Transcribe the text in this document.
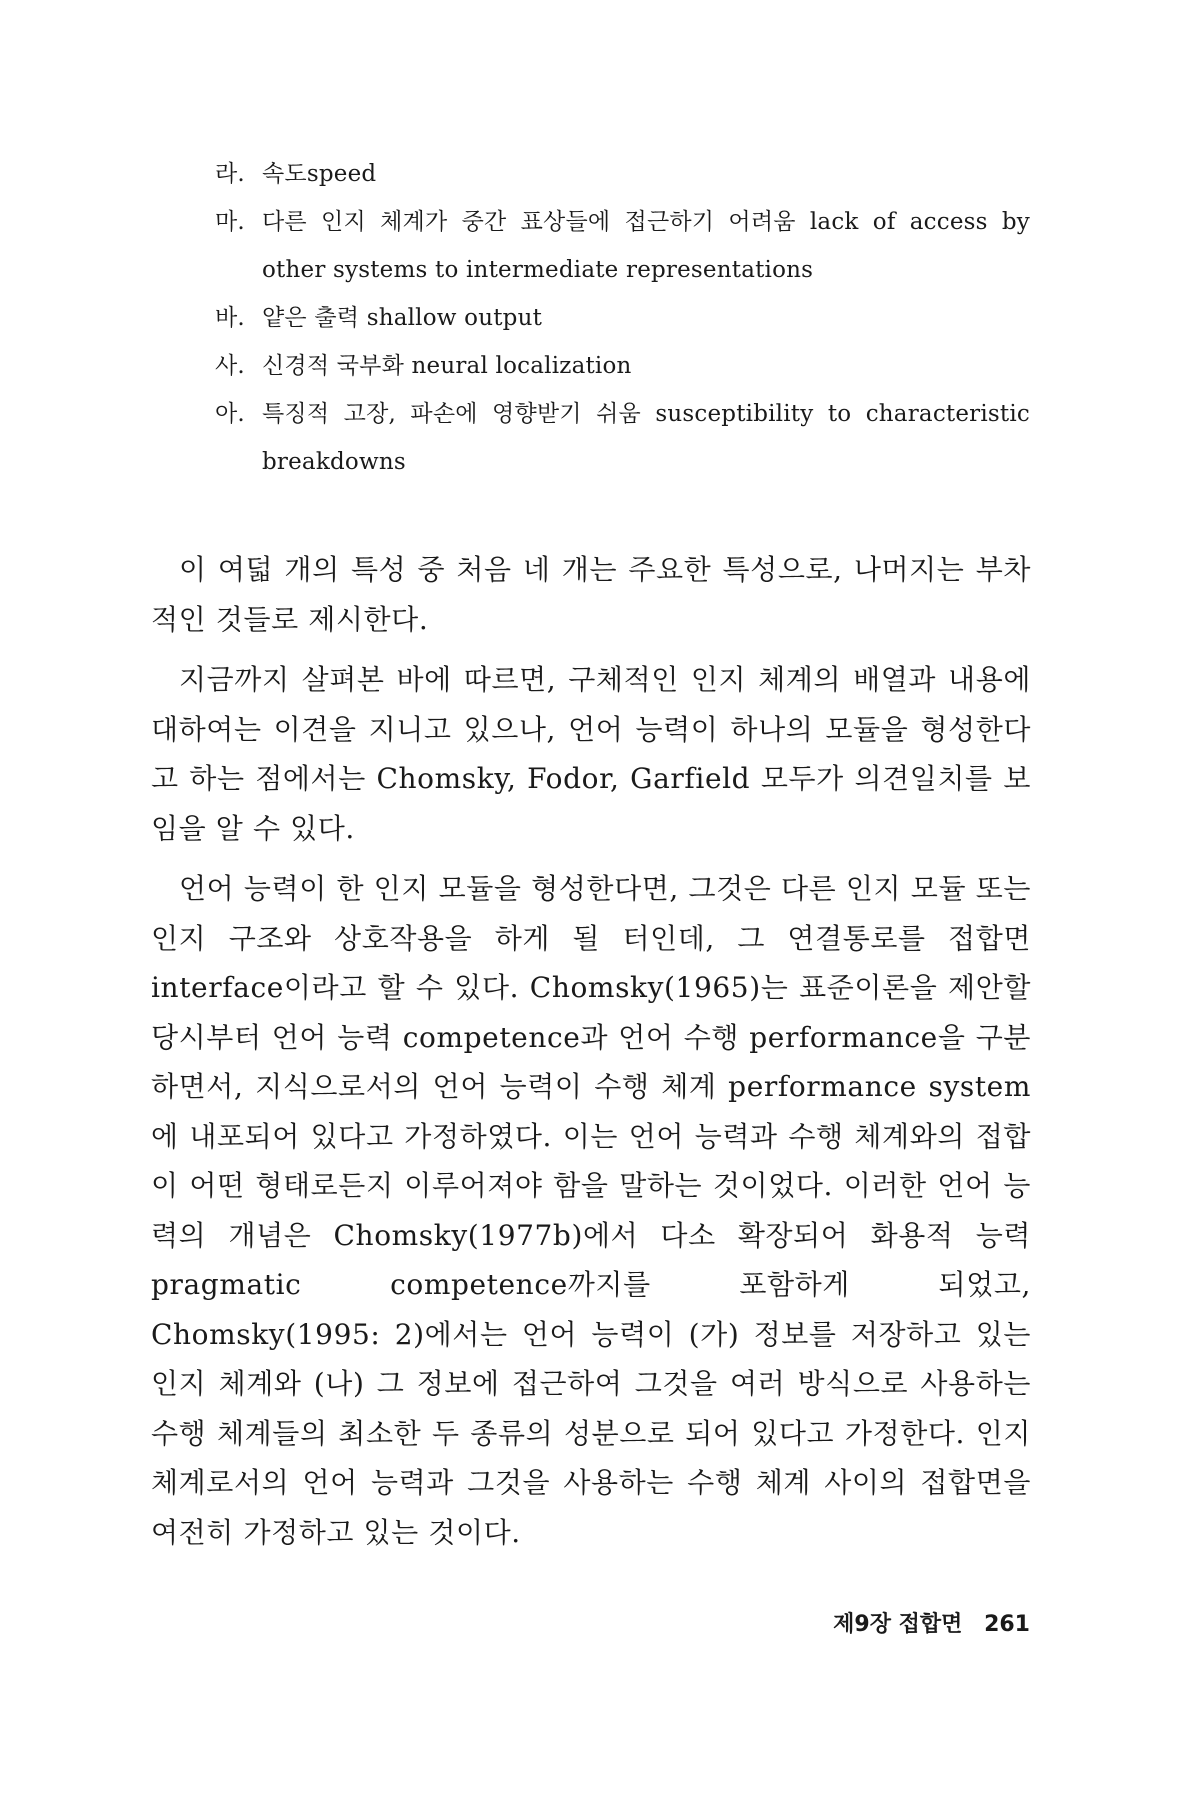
라. 속도speed
마. 다른 인지 체계가 중간 표상들에 접근하기 어려움 lack of access by other systems to intermediate representations
바. 얕은 출력 shallow output
사. 신경적 국부화 neural localization
아. 특징적 고장, 파손에 영향받기 쉬움 susceptibility to characteristic breakdowns

이 여덟 개의 특성 중 처음 네 개는 주요한 특성으로, 나머지는 부차적인 것들로 제시한다.

지금까지 살펴본 바에 따르면, 구체적인 인지 체계의 배열과 내용에 대하여는 이견을 지니고 있으나, 언어 능력이 하나의 모듈을 형성한다고 하는 점에서는 Chomsky, Fodor, Garfield 모두가 의견일치를 보임을 알 수 있다.

언어 능력이 한 인지 모듈을 형성한다면, 그것은 다른 인지 모듈 또는 인지 구조와 상호작용을 하게 될 터인데, 그 연결통로를 접합면 interface이라고 할 수 있다. Chomsky(1965)는 표준이론을 제안할 당시부터 언어 능력 competence과 언어 수행 performance을 구분하면서, 지식으로서의 언어 능력이 수행 체계 performance system에 내포되어 있다고 가정하였다. 이는 언어 능력과 수행 체계와의 접합이 어떤 형태로든지 이루어져야 함을 말하는 것이었다. 이러한 언어 능력의 개념은 Chomsky(1977b)에서 다소 확장되어 화용적 능력 pragmatic competence까지를 포함하게 되었고, Chomsky(1995: 2)에서는 언어 능력이 (가) 정보를 저장하고 있는 인지 체계와 (나) 그 정보에 접근하여 그것을 여러 방식으로 사용하는 수행 체계들의 최소한 두 종류의 성분으로 되어 있다고 가정한다. 인지 체계로서의 언어 능력과 그것을 사용하는 수행 체계 사이의 접합면을 여전히 가정하고 있는 것이다.

제9장 접합면 261
